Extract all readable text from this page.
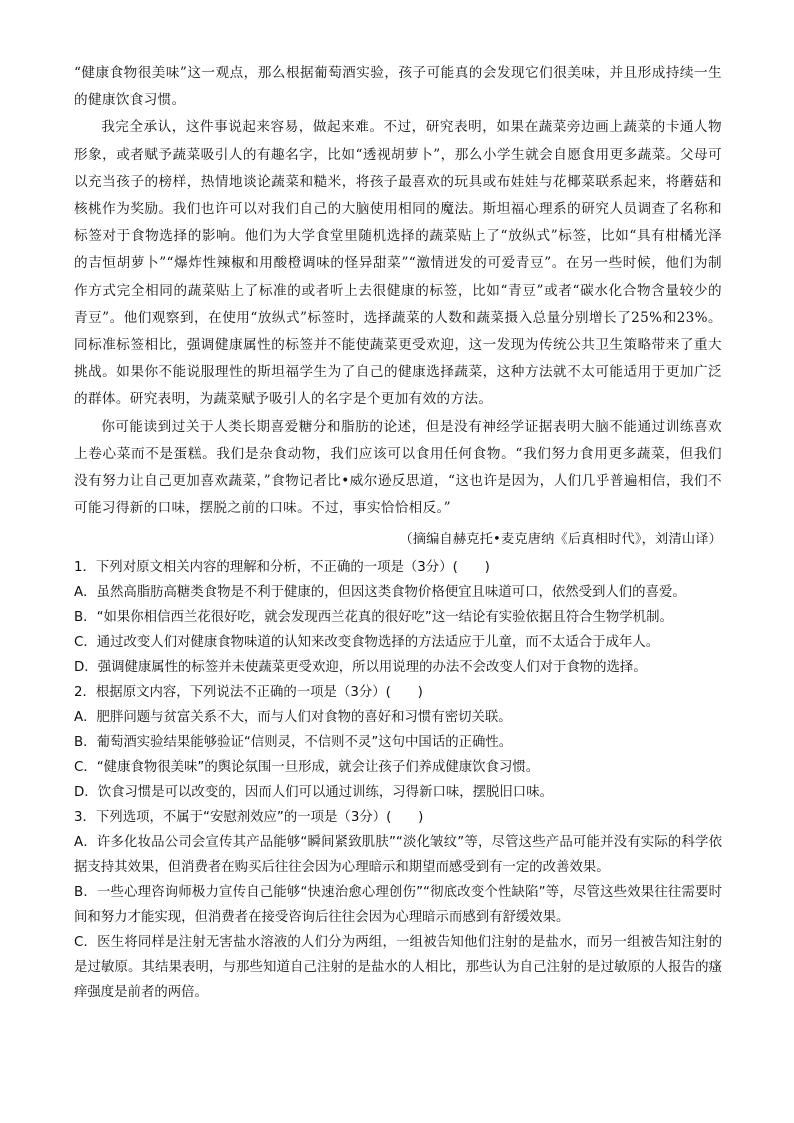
“健康食物很美味”这一观点，那么根据葡萄酒实验，孩子可能真的会发现它们很美味，并且形成持续一生的健康饮食习惯。

我完全承认，这件事说起来容易，做起来难。不过，研究表明，如果在蔬菜旁边画上蔬菜的卡通人物形象，或者赋予蔬菜吸引人的有趣名字，比如“透视胡萝卜”，那么小学生就会自愿食用更多蔬菜。父母可以充当孩子的榜样，热情地谈论蔬菜和糙米，将孩子最喜欢的玩具或布娃娃与花椰菜联系起来，将蘑菇和核桃作为奖励。我们也许可以对我们自己的大脑使用相同的魔法。斯坦福心理系的研究人员调查了名称和标签对于食物选择的影响。他们为大学食堂里随机选择的蔬菜贴上了“放纵式”标签，比如“具有柑橘光泽的吉恒胡萝卜”“爆炸性辣椒和用酸橙调味的怪异甜菜”“激情迸发的可爱青豆”。在另一些时候，他们为制作方式完全相同的蔬菜贴上了标准的或者听上去很健康的标签，比如“青豆”或者“碳水化合物含量较少的青豆”。他们观察到，在使用“放纵式”标签时，选择蔬菜的人数和蔬菜摄入总量分别增长了25%和23%。同标准标签相比，强调健康属性的标签并不能使蔬菜更受欢迎，这一发现为传统公共卫生策略带来了重大挑战。如果你不能说服理性的斯坦福学生为了自己的健康选择蔬菜，这种方法就不太可能适用于更加广泛的群体。研究表明，为蔬菜赋予吸引人的名字是个更加有效的方法。

你可能读到过关于人类长期喜爱糖分和脂肪的论述，但是没有神经学证据表明大脑不能通过训练喜欢上卷心菜而不是蛋糕。我们是杂食动物，我们应该可以食用任何食物。“我们努力食用更多蔬菜，但我们没有努力让自己更加喜欢蔬菜，”食物记者比•威尔逊反思道，“这也许是因为，人们几乎普遍相信，我们不可能习得新的口味，摆脱之前的口味。不过，事实恰恰相反。”

（摘编自赫克托•麦克唐纳《后真相时代》，刘清山译）

1．下列对原文相关内容的理解和分析，不正确的一项是（3分）(　　)

A．虽然高脂肪高糖类食物是不利于健康的，但因这类食物价格便宜且味道可口，依然受到人们的喜爱。

B．“如果你相信西兰花很好吃，就会发现西兰花真的很好吃”这一结论有实验依据且符合生物学机制。

C．通过改变人们对健康食物味道的认知来改变食物选择的方法适应于儿童，而不太适合于成年人。

D．强调健康属性的标签并未使蔬菜更受欢迎，所以用说理的办法不会改变人们对于食物的选择。

2．根据原文内容，下列说法不正确的一项是（3分）(　　)

A．肥胖问题与贫富关系不大，而与人们对食物的喜好和习惯有密切关联。

B．葡萄酒实验结果能够验证“信则灵，不信则不灵”这句中国话的正确性。

C．“健康食物很美味”的舆论氛围一旦形成，就会让孩子们养成健康饮食习惯。

D．饮食习惯是可以改变的，因而人们可以通过训练，习得新口味，摆脱旧口味。

3．下列选项，不属于“安慰剂效应”的一项是（3分）(　　)

A．许多化妆品公司会宣传其产品能够“瞬间紧致肌肤”“淡化皱纹”等，尽管这些产品可能并没有实际的科学依据支持其效果，但消费者在购买后往往会因为心理暗示和期望而感受到有一定的改善效果。

B．一些心理咨询师极力宣传自己能够“快速治愈心理创伤”“彻底改变个性缺陷”等，尽管这些效果往往需要时间和努力才能实现，但消费者在接受咨询后往往会因为心理暗示而感到有舒缓效果。

C．医生将同样是注射无害盐水溶液的人们分为两组，一组被告知他们注射的是盐水，而另一组被告知注射的是过敏原。其结果表明，与那些知道自己注射的是盐水的人相比，那些认为自己注射的是过敏原的人报告的瘙痒强度是前者的两倍。
